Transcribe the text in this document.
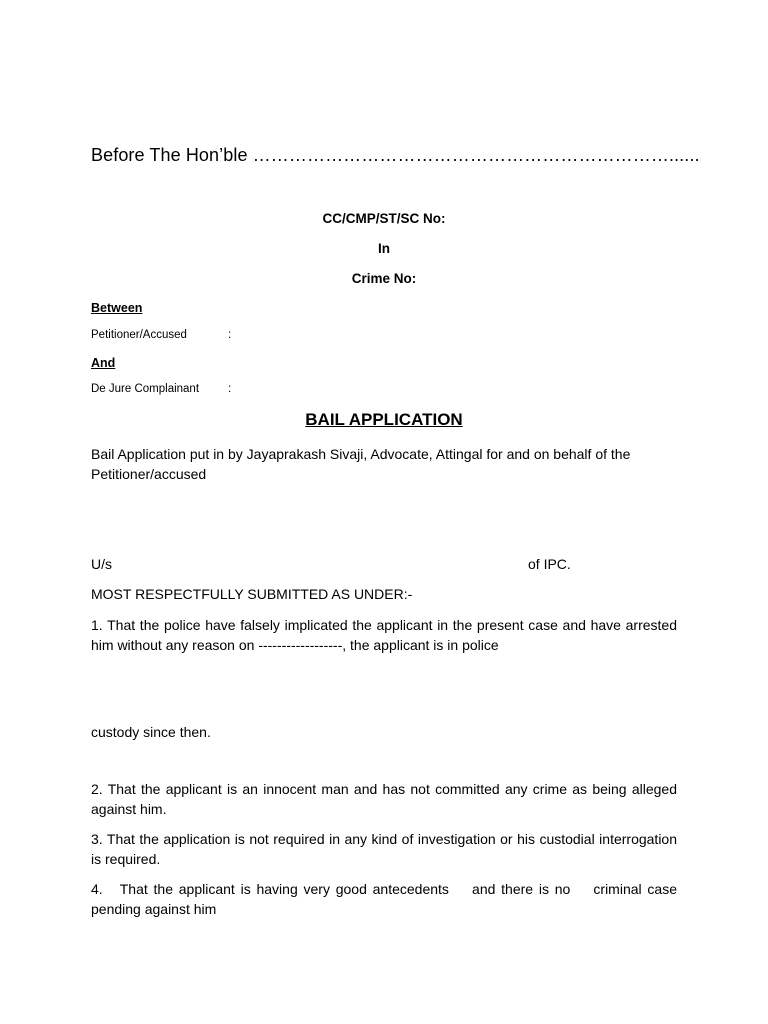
Before The Hon’ble ……………………………………………………………......
CC/CMP/ST/SC No:
In
Crime No:
Between
Petitioner/Accused	:
And
De Jure Complainant	:
BAIL APPLICATION
Bail Application put in by Jayaprakash Sivaji, Advocate, Attingal for and on behalf of the Petitioner/accused
U/s	of IPC.
MOST RESPECTFULLY SUBMITTED AS UNDER:-
1. That the police have falsely implicated the applicant in the present case and have arrested him without any reason on ------------------, the applicant is in police
custody since then.
2. That the applicant is an innocent man and has not committed any crime as being alleged against him.
3. That the application is not required in any kind of investigation or his custodial interrogation is required.
4.   That the applicant is having very good antecedents    and there is no    criminal case pending against him
